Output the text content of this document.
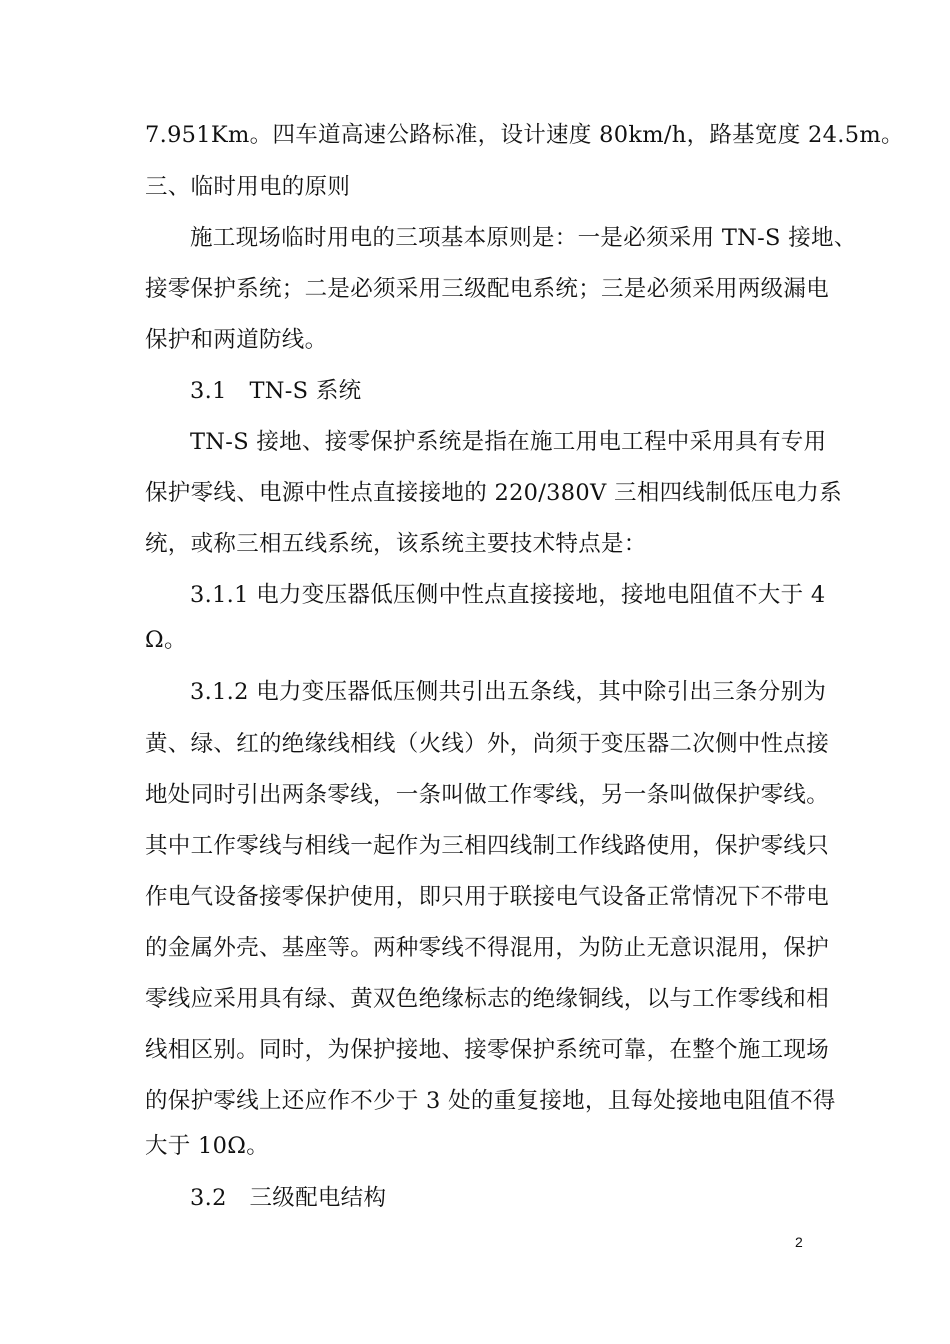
7.951Km。四车道高速公路标准，设计速度 80km/h，路基宽度 24.5m。
三、临时用电的原则
施工现场临时用电的三项基本原则是：一是必须采用 TN-S 接地、
接零保护系统；二是必须采用三级配电系统；三是必须采用两级漏电
保护和两道防线。
3.1　TN-S 系统
TN-S 接地、接零保护系统是指在施工用电工程中采用具有专用
保护零线、电源中性点直接接地的 220/380V 三相四线制低压电力系
统，或称三相五线系统，该系统主要技术特点是：
3.1.1 电力变压器低压侧中性点直接接地，接地电阻值不大于 4
Ω。
3.1.2 电力变压器低压侧共引出五条线，其中除引出三条分别为
黄、绿、红的绝缘线相线（火线）外，尚须于变压器二次侧中性点接
地处同时引出两条零线，一条叫做工作零线，另一条叫做保护零线。
其中工作零线与相线一起作为三相四线制工作线路使用，保护零线只
作电气设备接零保护使用，即只用于联接电气设备正常情况下不带电
的金属外壳、基座等。两种零线不得混用，为防止无意识混用，保护
零线应采用具有绿、黄双色绝缘标志的绝缘铜线，以与工作零线和相
线相区别。同时，为保护接地、接零保护系统可靠，在整个施工现场
的保护零线上还应作不少于 3 处的重复接地，且每处接地电阻值不得
大于 10Ω。
3.2　三级配电结构
2
